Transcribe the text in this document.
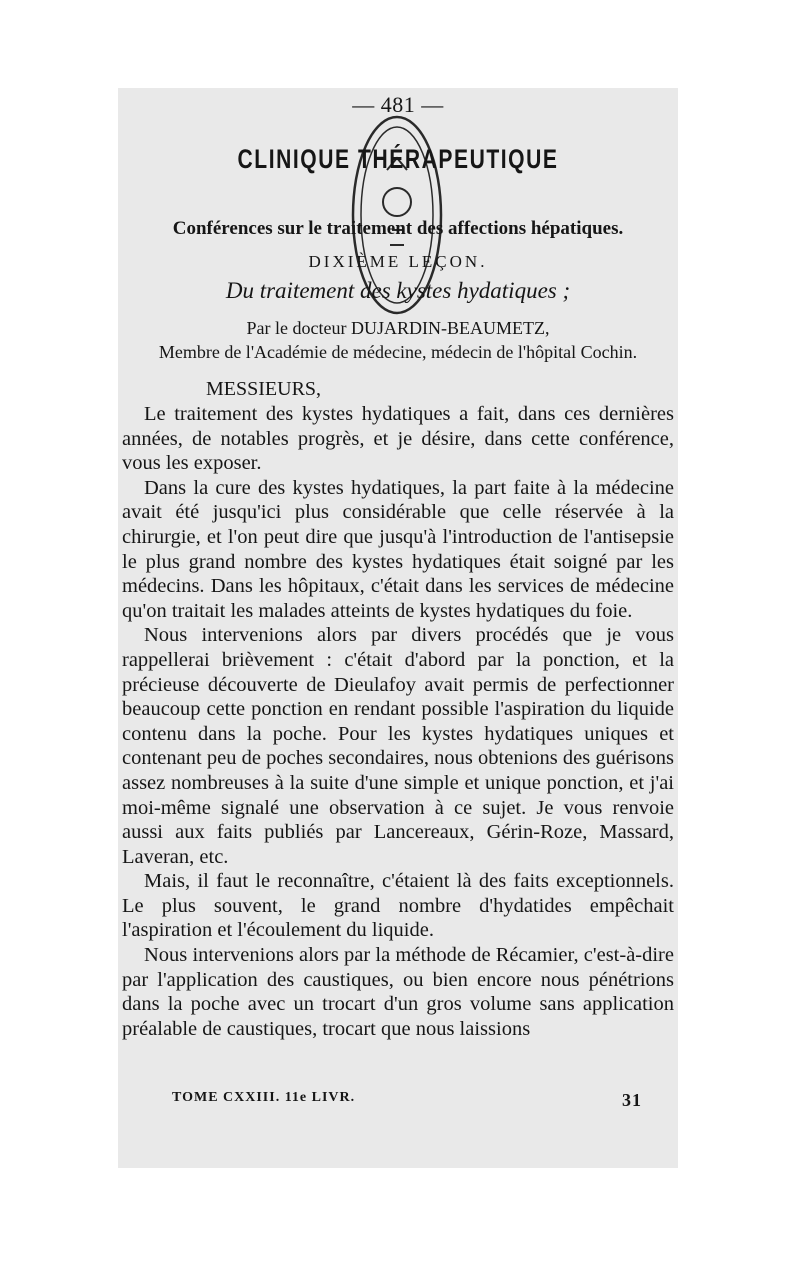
— 481 —
CLINIQUE THÉRAPEUTIQUE
Conférences sur le traitement des affections hépatiques.
DIXIÈME LEÇON.
Du traitement des kystes hydatiques ;
Par le docteur DUJARDIN-BEAUMETZ,
Membre de l'Académie de médecine, médecin de l'hôpital Cochin.
MESSIEURS,

Le traitement des kystes hydatiques a fait, dans ces dernières années, de notables progrès, et je désire, dans cette conférence, vous les exposer.

Dans la cure des kystes hydatiques, la part faite à la médecine avait été jusqu'ici plus considérable que celle réservée à la chirurgie, et l'on peut dire que jusqu'à l'introduction de l'antisepsie le plus grand nombre des kystes hydatiques était soigné par les médecins. Dans les hôpitaux, c'était dans les services de médecine qu'on traitait les malades atteints de kystes hydatiques du foie.

Nous intervenions alors par divers procédés que je vous rappellerai brièvement : c'était d'abord par la ponction, et la précieuse découverte de Dieulafoy avait permis de perfectionner beaucoup cette ponction en rendant possible l'aspiration du liquide contenu dans la poche. Pour les kystes hydatiques uniques et contenant peu de poches secondaires, nous obtenions des guérisons assez nombreuses à la suite d'une simple et unique ponction, et j'ai moi-même signalé une observation à ce sujet. Je vous renvoie aussi aux faits publiés par Lancereaux, Gérin-Roze, Massard, Laveran, etc.

Mais, il faut le reconnaître, c'étaient là des faits exceptionnels. Le plus souvent, le grand nombre d'hydatides empêchait l'aspiration et l'écoulement du liquide.

Nous intervenions alors par la méthode de Récamier, c'est-à-dire par l'application des caustiques, ou bien encore nous pénétrions dans la poche avec un trocart d'un gros volume sans application préalable de caustiques, trocart que nous laissions

TOME CXXIII. 11e LIVR.	31
